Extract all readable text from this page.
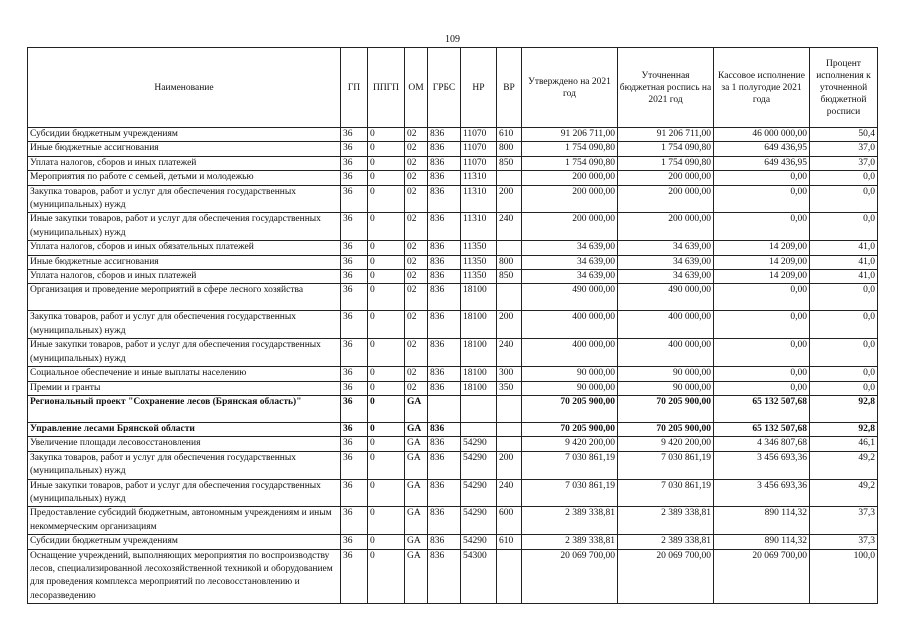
109
Наименование	ГП	ППГП	ОМ	ГРБС	НР	ВР	Утверждено на 2021 год	Уточненная бюджетная роспись на 2021 год	Кассовое исполнение за 1 полугодие 2021 года	Процент исполнения к уточненной бюджетной росписи
Субсидии бюджетным учреждениям	36	0	02	836	11070	610	91 206 711,00	91 206 711,00	46 000 000,00	50,4
Иные бюджетные ассигнования	36	0	02	836	11070	800	1 754 090,80	1 754 090,80	649 436,95	37,0
Уплата налогов, сборов и иных платежей	36	0	02	836	11070	850	1 754 090,80	1 754 090,80	649 436,95	37,0
Мероприятия по работе с семьей, детьми и молодежью	36	0	02	836	11310		200 000,00	200 000,00	0,00	0,0
Закупка товаров, работ и услуг для обеспечения государственных (муниципальных) нужд	36	0	02	836	11310	200	200 000,00	200 000,00	0,00	0,0
Иные закупки товаров, работ и услуг для обеспечения государственных (муниципальных) нужд	36	0	02	836	11310	240	200 000,00	200 000,00	0,00	0,0
Уплата налогов, сборов и иных обязательных платежей	36	0	02	836	11350		34 639,00	34 639,00	14 209,00	41,0
Иные бюджетные ассигнования	36	0	02	836	11350	800	34 639,00	34 639,00	14 209,00	41,0
Уплата налогов, сборов и иных платежей	36	0	02	836	11350	850	34 639,00	34 639,00	14 209,00	41,0
Организация и проведение мероприятий в сфере лесного хозяйства	36	0	02	836	18100		490 000,00	490 000,00	0,00	0,0
Закупка товаров, работ и услуг для обеспечения государственных (муниципальных) нужд	36	0	02	836	18100	200	400 000,00	400 000,00	0,00	0,0
Иные закупки товаров, работ и услуг для обеспечения государственных (муниципальных) нужд	36	0	02	836	18100	240	400 000,00	400 000,00	0,00	0,0
Социальное обеспечение и иные выплаты населению	36	0	02	836	18100	300	90 000,00	90 000,00	0,00	0,0
Премии и гранты	36	0	02	836	18100	350	90 000,00	90 000,00	0,00	0,0
Региональный проект "Сохранение лесов (Брянская область)"	36	0	GA				70 205 900,00	70 205 900,00	65 132 507,68	92,8
Управление лесами Брянской области	36	0	GA	836			70 205 900,00	70 205 900,00	65 132 507,68	92,8
Увеличение площади лесовосстановления	36	0	GA	836	54290		9 420 200,00	9 420 200,00	4 346 807,68	46,1
Закупка товаров, работ и услуг для обеспечения государственных (муниципальных) нужд	36	0	GA	836	54290	200	7 030 861,19	7 030 861,19	3 456 693,36	49,2
Иные закупки товаров, работ и услуг для обеспечения государственных (муниципальных) нужд	36	0	GA	836	54290	240	7 030 861,19	7 030 861,19	3 456 693,36	49,2
Предоставление субсидий бюджетным, автономным учреждениям и иным некоммерческим организациям	36	0	GA	836	54290	600	2 389 338,81	2 389 338,81	890 114,32	37,3
Субсидии бюджетным учреждениям	36	0	GA	836	54290	610	2 389 338,81	2 389 338,81	890 114,32	37,3
Оснащение учреждений, выполняющих мероприятия по воспроизводству лесов, специализированной лесохозяйственной техникой и оборудованием для проведения комплекса мероприятий по лесовосстановлению и лесоразведению	36	0	GA	836	54300		20 069 700,00	20 069 700,00	20 069 700,00	100,0
